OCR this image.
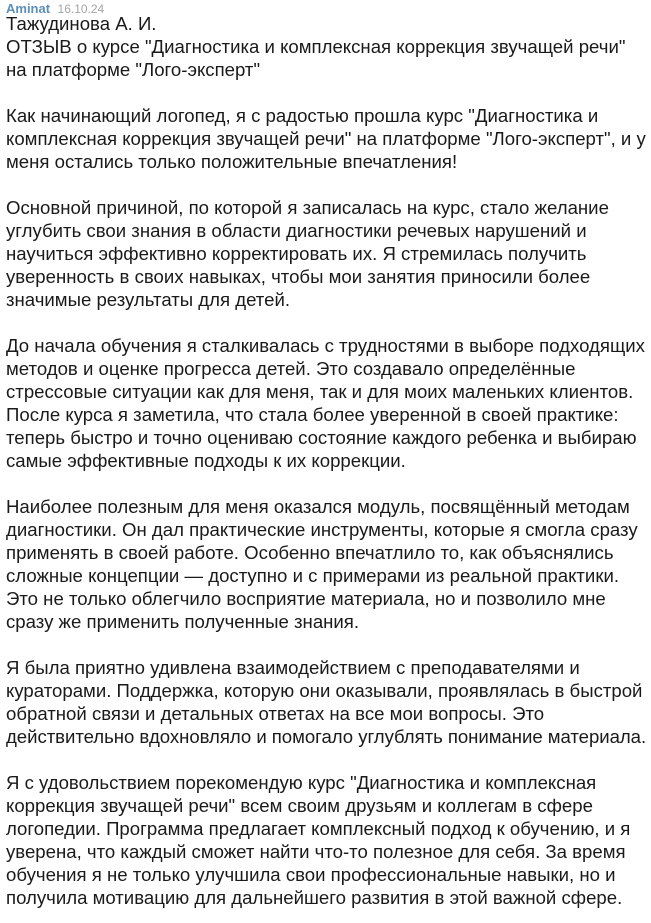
Aminat 16.10.24
Тажудинова А. И.
ОТЗЫВ о курсе "Диагностика и комплексная коррекция звучащей речи"
на платформе "Лого-эксперт"
Как начинающий логопед, я с радостью прошла курс "Диагностика и
комплексная коррекция звучащей речи" на платформе "Лого-эксперт", и у
меня остались только положительные впечатления!
Основной причиной, по которой я записалась на курс, стало желание
углубить свои знания в области диагностики речевых нарушений и
научиться эффективно корректировать их. Я стремилась получить
уверенность в своих навыках, чтобы мои занятия приносили более
значимые результаты для детей.
До начала обучения я сталкивалась с трудностями в выборе подходящих
методов и оценке прогресса детей. Это создавало определённые
стрессовые ситуации как для меня, так и для моих маленьких клиентов.
После курса я заметила, что стала более уверенной в своей практике:
теперь быстро и точно оцениваю состояние каждого ребенка и выбираю
самые эффективные подходы к их коррекции.
Наиболее полезным для меня оказался модуль, посвящённый методам
диагностики. Он дал практические инструменты, которые я смогла сразу
применять в своей работе. Особенно впечатлило то, как объяснялись
сложные концепции — доступно и с примерами из реальной практики.
Это не только облегчило восприятие материала, но и позволило мне
сразу же применить полученные знания.
Я была приятно удивлена взаимодействием с преподавателями и
кураторами. Поддержка, которую они оказывали, проявлялась в быстрой
обратной связи и детальных ответах на все мои вопросы. Это
действительно вдохновляло и помогало углублять понимание материала.
Я с удовольствием порекомендую курс "Диагностика и комплексная
коррекция звучащей речи" всем своим друзьям и коллегам в сфере
логопедии. Программа предлагает комплексный подход к обучению, и я
уверена, что каждый сможет найти что-то полезное для себя. За время
обучения я не только улучшила свои профессиональные навыки, но и
получила мотивацию для дальнейшего развития в этой важной сфере.
